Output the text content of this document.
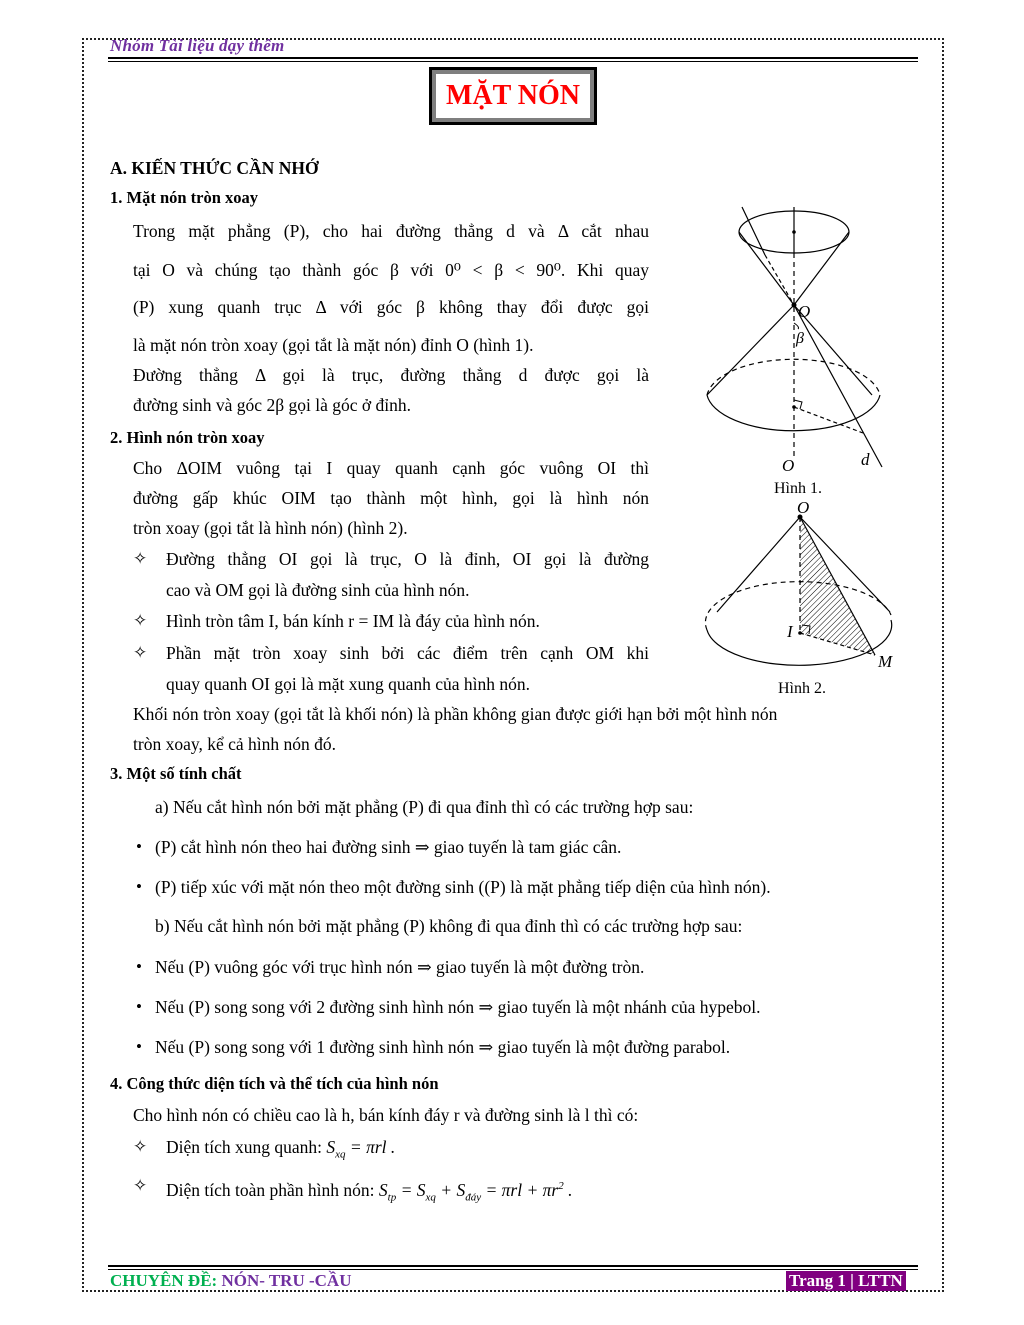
Nhóm Tài liệu dạy thêm
MẶT NÓN
A. KIẾN THỨC CẦN NHỚ
1. Mặt nón tròn xoay
Trong mặt phẳng (P), cho hai đường thẳng d và Δ cắt nhau
tại O và chúng tạo thành góc β với 0⁰ < β < 90⁰. Khi quay
(P) xung quanh trục Δ với góc β không thay đổi được gọi
là mặt nón tròn xoay (gọi tắt là mặt nón) đỉnh O (hình 1).
Đường thẳng Δ gọi là trục, đường thẳng d được gọi là
đường sinh và góc 2β gọi là góc ở đỉnh.
2. Hình nón tròn xoay
Cho ΔOIM vuông tại I quay quanh cạnh góc vuông OI thì
đường gấp khúc OIM tạo thành một hình, gọi là hình nón
tròn xoay (gọi tắt là hình nón) (hình 2).
✧ Đường thẳng OI gọi là trục, O là đỉnh, OI gọi là đường
cao và OM gọi là đường sinh của hình nón.
✧ Hình tròn tâm I, bán kính r = IM là đáy của hình nón.
✧ Phần mặt tròn xoay sinh bởi các điểm trên cạnh OM khi
quay quanh OI gọi là mặt xung quanh của hình nón.
Khối nón tròn xoay (gọi tắt là khối nón) là phần không gian được giới hạn bởi một hình nón
tròn xoay, kể cả hình nón đó.
3. Một số tính chất
a) Nếu cắt hình nón bởi mặt phẳng (P) đi qua đỉnh thì có các trường hợp sau:
• (P) cắt hình nón theo hai đường sinh ⇒ giao tuyến là tam giác cân.
• (P) tiếp xúc với mặt nón theo một đường sinh ((P) là mặt phẳng tiếp diện của hình nón).
b) Nếu cắt hình nón bởi mặt phẳng (P) không đi qua đỉnh thì có các trường hợp sau:
• Nếu (P) vuông góc với trục hình nón ⇒ giao tuyến là một đường tròn.
• Nếu (P) song song với 2 đường sinh hình nón ⇒ giao tuyến là một nhánh của hypebol.
• Nếu (P) song song với 1 đường sinh hình nón ⇒ giao tuyến là một đường parabol.
4. Công thức diện tích và thể tích của hình nón
Cho hình nón có chiều cao là h, bán kính đáy r và đường sinh là l thì có:
✧ Diện tích xung quanh: $S_{xq} = \pi rl$ .
✧ Diện tích toàn phần hình nón: $S_{tp} = S_{xq} + S_{đáy} = \pi rl + \pi r^2$ .
O
β
O	d
Hình 1.
O
I
M
Hình 2.
CHUYÊN ĐỀ: NÓN- TRU -CẦU	Trang 1 | LTTN
